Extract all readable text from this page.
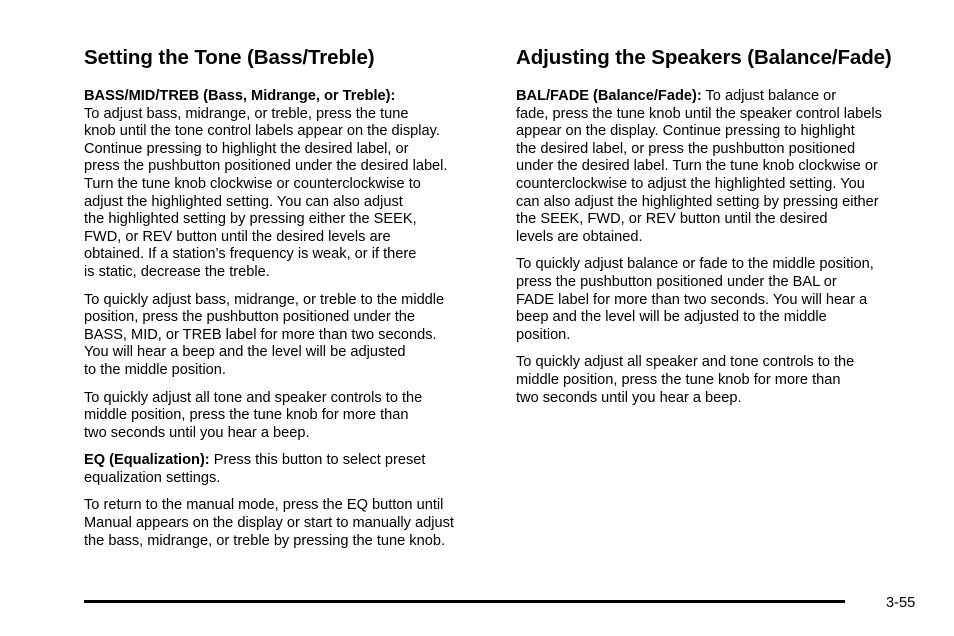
Setting the Tone (Bass/Treble)

BASS/MID/TREB (Bass, Midrange, or Treble):
To adjust bass, midrange, or treble, press the tune
knob until the tone control labels appear on the display.
Continue pressing to highlight the desired label, or
press the pushbutton positioned under the desired label.
Turn the tune knob clockwise or counterclockwise to
adjust the highlighted setting. You can also adjust
the highlighted setting by pressing either the SEEK,
FWD, or REV button until the desired levels are
obtained. If a station’s frequency is weak, or if there
is static, decrease the treble.

To quickly adjust bass, midrange, or treble to the middle
position, press the pushbutton positioned under the
BASS, MID, or TREB label for more than two seconds.
You will hear a beep and the level will be adjusted
to the middle position.

To quickly adjust all tone and speaker controls to the
middle position, press the tune knob for more than
two seconds until you hear a beep.

EQ (Equalization): Press this button to select preset
equalization settings.

To return to the manual mode, press the EQ button until
Manual appears on the display or start to manually adjust
the bass, midrange, or treble by pressing the tune knob.

Adjusting the Speakers (Balance/Fade)

BAL/FADE (Balance/Fade): To adjust balance or
fade, press the tune knob until the speaker control labels
appear on the display. Continue pressing to highlight
the desired label, or press the pushbutton positioned
under the desired label. Turn the tune knob clockwise or
counterclockwise to adjust the highlighted setting. You
can also adjust the highlighted setting by pressing either
the SEEK, FWD, or REV button until the desired
levels are obtained.

To quickly adjust balance or fade to the middle position,
press the pushbutton positioned under the BAL or
FADE label for more than two seconds. You will hear a
beep and the level will be adjusted to the middle
position.

To quickly adjust all speaker and tone controls to the
middle position, press the tune knob for more than
two seconds until you hear a beep.

3-55
